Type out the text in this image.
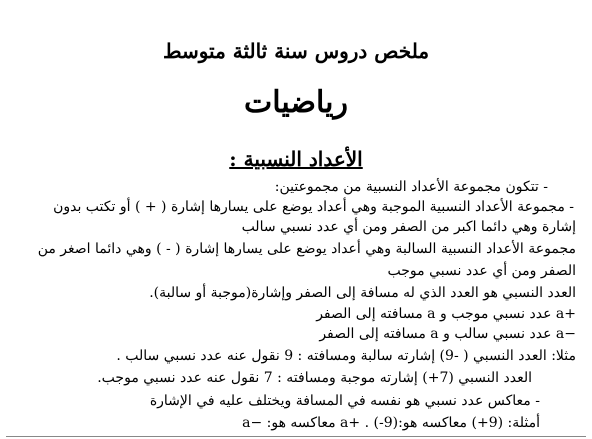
ملخص دروس سنة ثالثة متوسط
رياضيات
الأعداد النسبية :
- تتكون مجموعة الأعداد النسبية من مجموعتين:
- مجموعة الأعداد النسبية الموجبة وهي أعداد يوضع على يسارها إشارة ( + ) أو تكتب بدون
إشارة وهي دائما اكبر من الصفر ومن أي عدد نسبي سالب
مجموعة الأعداد النسبية السالبة وهي أعداد يوضع على يسارها إشارة ( - ) وهي دائما اصغر من
الصفر ومن أي عدد نسبي موجب
العدد النسبي هو العدد الذي له مسافة إلى الصفر وإشارة(موجبة أو سالبة).
+a عدد نسبي موجب و a مسافته إلى الصفر
−a عدد نسبي سالب و a مسافته إلى الصفر
مثلا: العدد النسبي ( -9) إشارته سالبة ومسافته : 9 نقول عنه عدد نسبي سالب .
العدد النسبي (7+) إشارته موجبة ومسافته : 7 نقول عنه عدد نسبي موجب.
- معاكس عدد نسبي هو نفسه في المسافة ويختلف عليه في الإشارة
أمثلة: (9+) معاكسه هو:(9-) . +a معاكسه هو: −a
